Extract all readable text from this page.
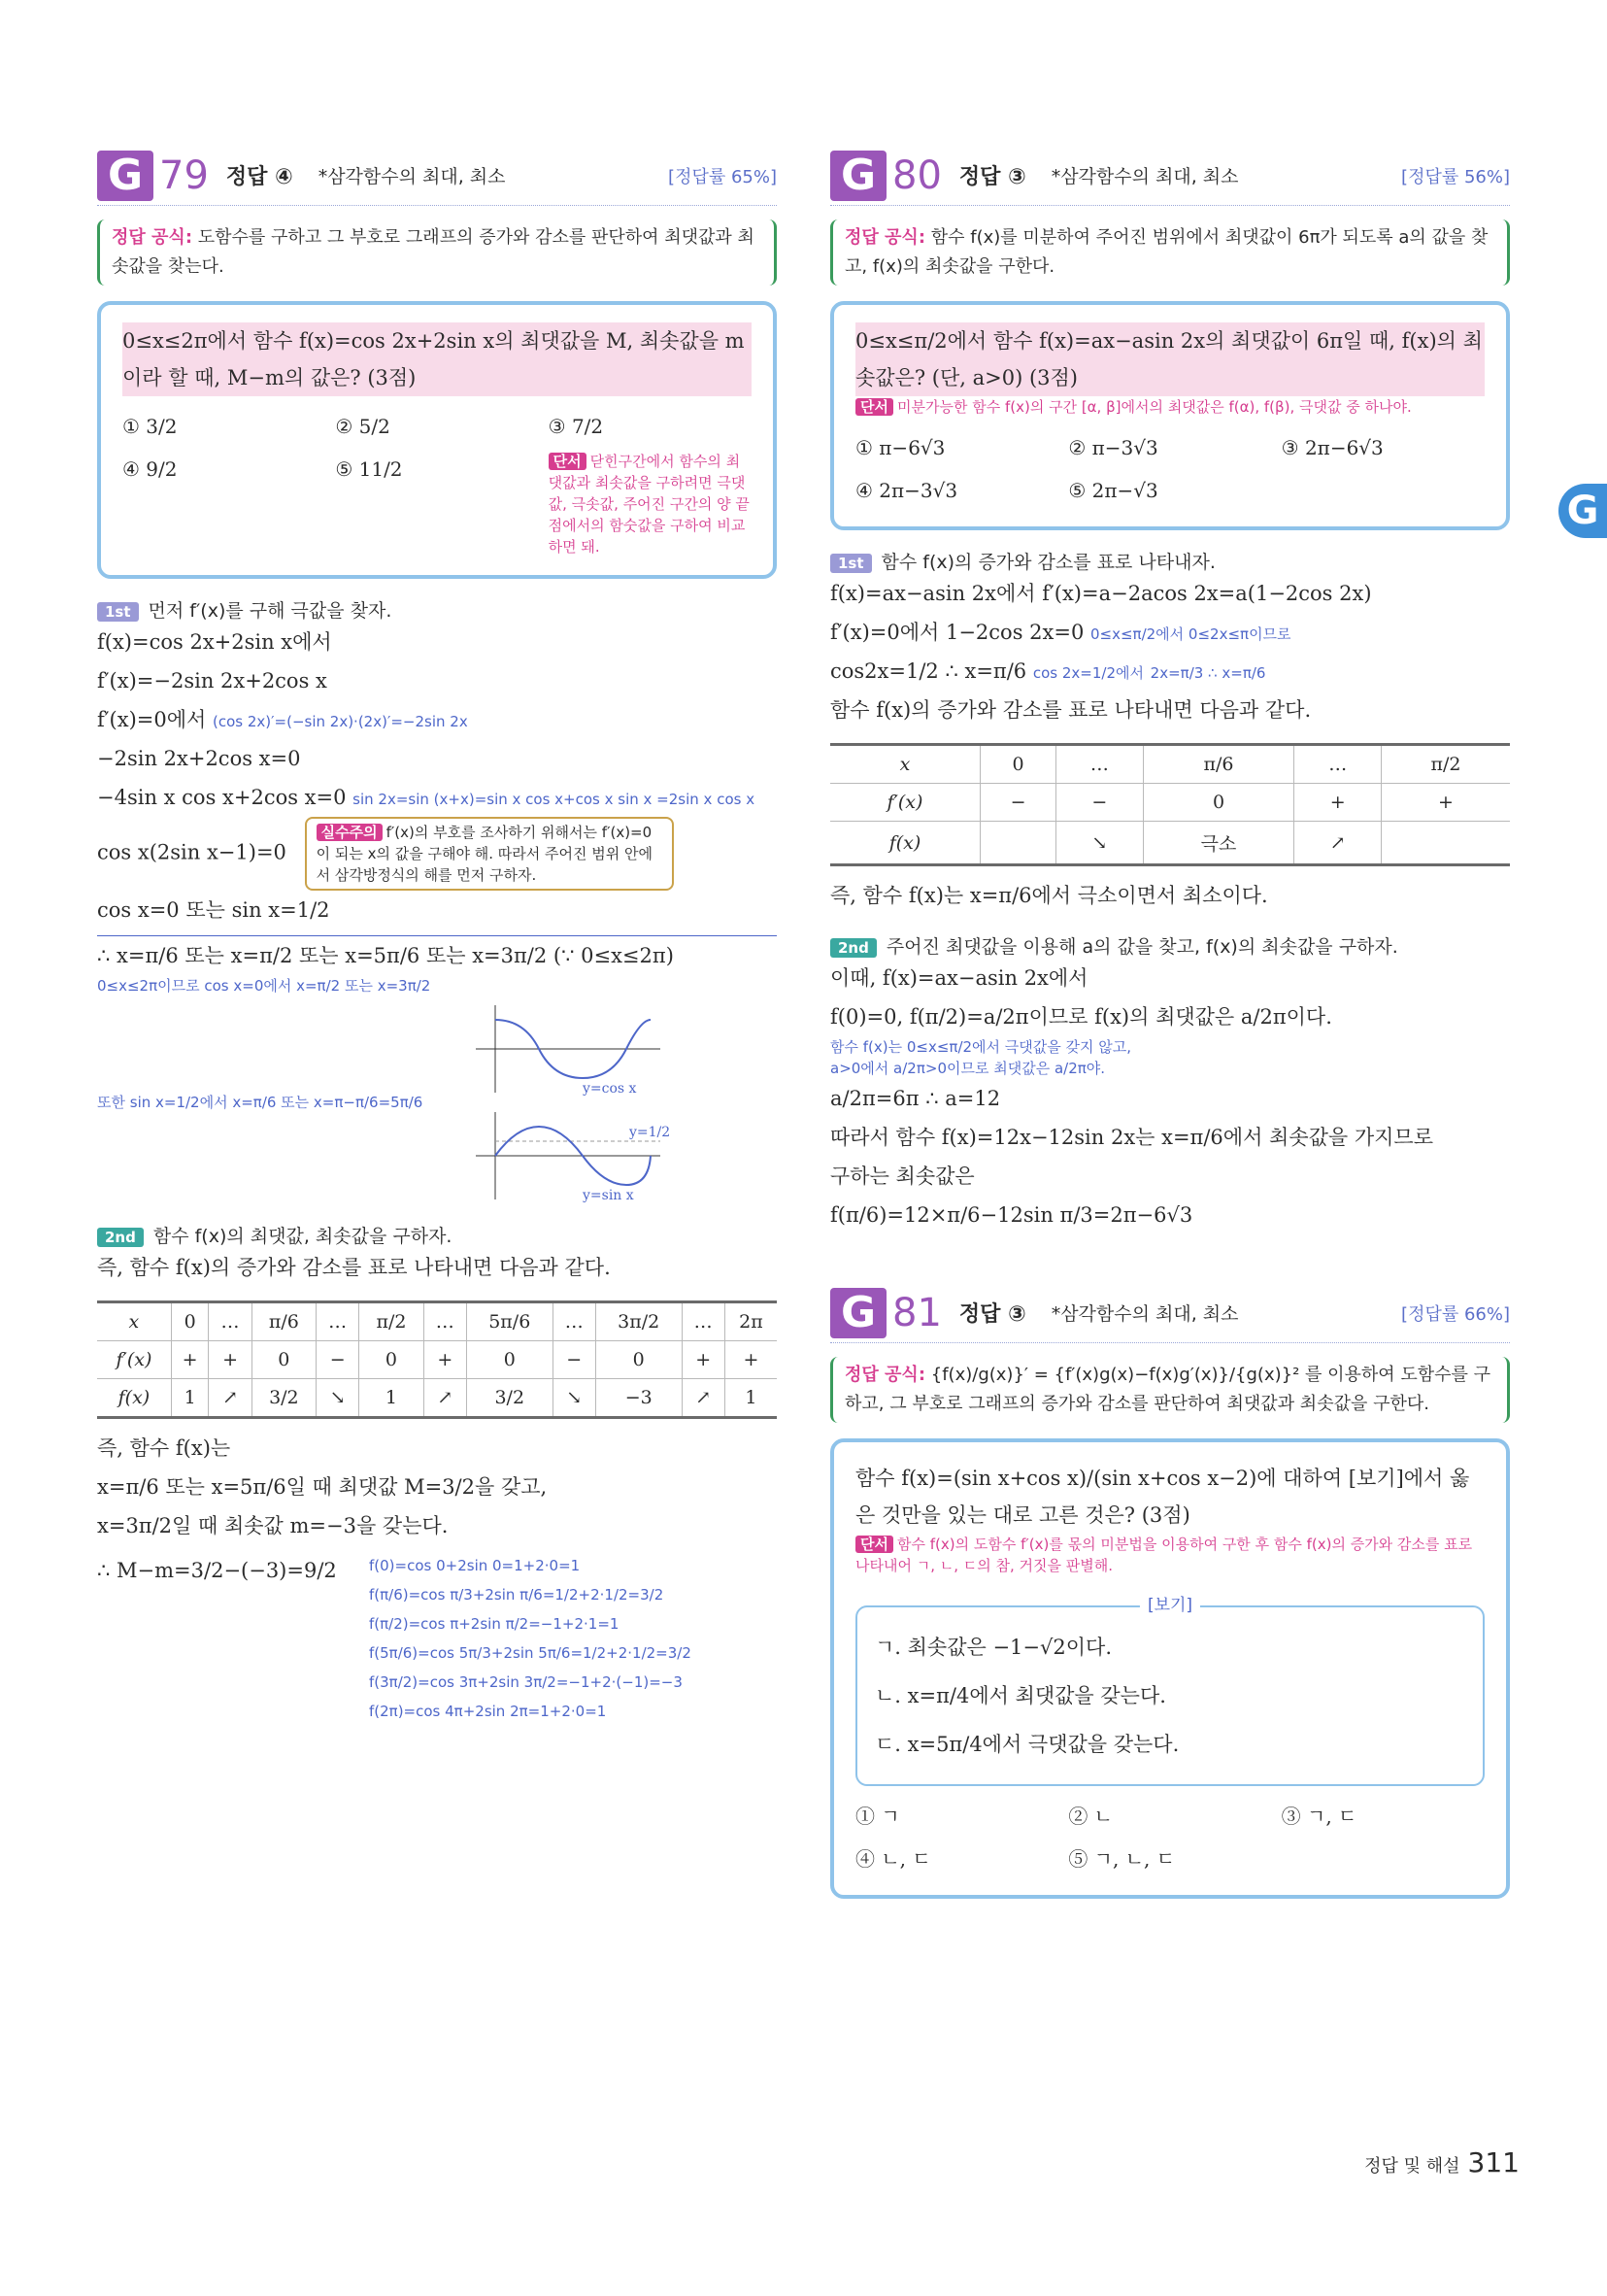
G 79 정답 ④ *삼각함수의 최대, 최소	[정답률 65%]
정답 공식: 도함수를 구하고 그 부호로 그래프의 증가와 감소를 판단하여 최댓값과 최솟값을 찾는다.
0≤x≤2π에서 함수 f(x)=cos 2x+2sin x의 최댓값을 M, 최솟값을 m이라 할 때, M−m의 값은? (3점)
① 3/2	② 5/2	③ 7/2
④ 9/2	⑤ 11/2	단서 닫힌구간에서 함수의 최댓값과 최솟값을 구하려면 극댓값, 극솟값, 주어진 구간의 양 끝점에서의 함숫값을 구하여 비교하면 돼.
1st 먼저 f′(x)를 구해 극값을 찾자.
f(x)=cos 2x+2sin x에서
f′(x)=−2sin 2x+2cos x
f′(x)=0에서 (cos 2x)′=(−sin 2x)·(2x)′=−2sin 2x
−2sin 2x+2cos x=0
−4sin x cos x+2cos x=0 sin 2x=sin (x+x)=sin x cos x+cos x sin x =2sin x cos x
cos x(2sin x−1)=0 실수주의 f′(x)의 부호를 조사하기 위해서는 f′(x)=0이 되는 x의 값을 구해야 해. 따라서 주어진 범위 안에서 삼각방정식의 해를 먼저 구하자.
cos x=0 또는 sin x=1/2
∴ x=π/6 또는 x=π/2 또는 x=5π/6 또는 x=3π/2 (∵ 0≤x≤2π)
0≤x≤2π이므로 cos x=0에서 x=π/2 또는 x=3π/2
또한 sin x=1/2에서 x=π/6 또는 x=π−π/6=5π/6
y=cos x
y=sin x
y=1/2
2nd 함수 f(x)의 최댓값, 최솟값을 구하자.
즉, 함수 f(x)의 증가와 감소를 표로 나타내면 다음과 같다.
x	0	…	π/6	…	π/2	…	5π/6	…	3π/2	…	2π
f′(x)	+	+	0	−	0	+	0	−	0	+	+
f(x)	1	↗	3/2	↘	1	↗	3/2	↘	−3	↗	1
즉, 함수 f(x)는
x=π/6 또는 x=5π/6일 때 최댓값 M=3/2을 갖고,
x=3π/2일 때 최솟값 m=−3을 갖는다.
∴ M−m=3/2−(−3)=9/2	f(0)=cos 0+2sin 0=1+2·0=1
f(π/6)=cos π/3+2sin π/6=1/2+2·1/2=3/2
f(π/2)=cos π+2sin π/2=−1+2·1=1
f(5π/6)=cos 5π/3+2sin 5π/6=1/2+2·1/2=3/2
f(3π/2)=cos 3π+2sin 3π/2=−1+2·(−1)=−3
f(2π)=cos 4π+2sin 2π=1+2·0=1
G 80 정답 ③ *삼각함수의 최대, 최소	[정답률 56%]
정답 공식: 함수 f(x)를 미분하여 주어진 범위에서 최댓값이 6π가 되도록 a의 값을 찾고, f(x)의 최솟값을 구한다.
0≤x≤π/2에서 함수 f(x)=ax−asin 2x의 최댓값이 6π일 때, f(x)의 최솟값은? (단, a>0) (3점)
단서 미분가능한 함수 f(x)의 구간 [α, β]에서의 최댓값은 f(α), f(β), 극댓값 중 하나야.
① π−6√3	② π−3√3	③ 2π−6√3
④ 2π−3√3	⑤ 2π−√3
1st 함수 f(x)의 증가와 감소를 표로 나타내자.
f(x)=ax−asin 2x에서 f′(x)=a−2acos 2x=a(1−2cos 2x)
f′(x)=0에서 1−2cos 2x=0 0≤x≤π/2에서 0≤2x≤π이므로
cos2x=1/2 ∴ x=π/6 cos 2x=1/2에서 2x=π/3 ∴ x=π/6
함수 f(x)의 증가와 감소를 표로 나타내면 다음과 같다.
x	0	…	π/6	…	π/2
f′(x)	−	−	0	+	+
f(x)		↘	극소	↗	
즉, 함수 f(x)는 x=π/6에서 극소이면서 최소이다.
2nd 주어진 최댓값을 이용해 a의 값을 찾고, f(x)의 최솟값을 구하자.
이때, f(x)=ax−asin 2x에서
f(0)=0, f(π/2)=a/2π이므로 f(x)의 최댓값은 a/2π이다.
함수 f(x)는 0≤x≤π/2에서 극댓값을 갖지 않고,
a>0에서 a/2π>0이므로 최댓값은 a/2π야.
a/2π=6π ∴ a=12
따라서 함수 f(x)=12x−12sin 2x는 x=π/6에서 최솟값을 가지므로
구하는 최솟값은
f(π/6)=12×π/6−12sin π/3=2π−6√3
G 81 정답 ③ *삼각함수의 최대, 최소	[정답률 66%]
정답 공식: {f(x)/g(x)}′ = {f′(x)g(x)−f(x)g′(x)}/{g(x)}² 를 이용하여 도함수를 구하고, 그 부호로 그래프의 증가와 감소를 판단하여 최댓값과 최솟값을 구한다.
함수 f(x)=(sin x+cos x)/(sin x+cos x−2)에 대하여 [보기]에서 옳은 것만을 있는 대로 고른 것은? (3점)
단서 함수 f(x)의 도함수 f′(x)를 몫의 미분법을 이용하여 구한 후 함수 f(x)의 증가와 감소를 표로 나타내어 ㄱ, ㄴ, ㄷ의 참, 거짓을 판별해.
[보기]
ㄱ. 최솟값은 −1−√2이다.
ㄴ. x=π/4에서 최댓값을 갖는다.
ㄷ. x=5π/4에서 극댓값을 갖는다.
① ㄱ	② ㄴ	③ ㄱ, ㄷ
④ ㄴ, ㄷ	⑤ ㄱ, ㄴ, ㄷ
G
정답 및 해설 311
